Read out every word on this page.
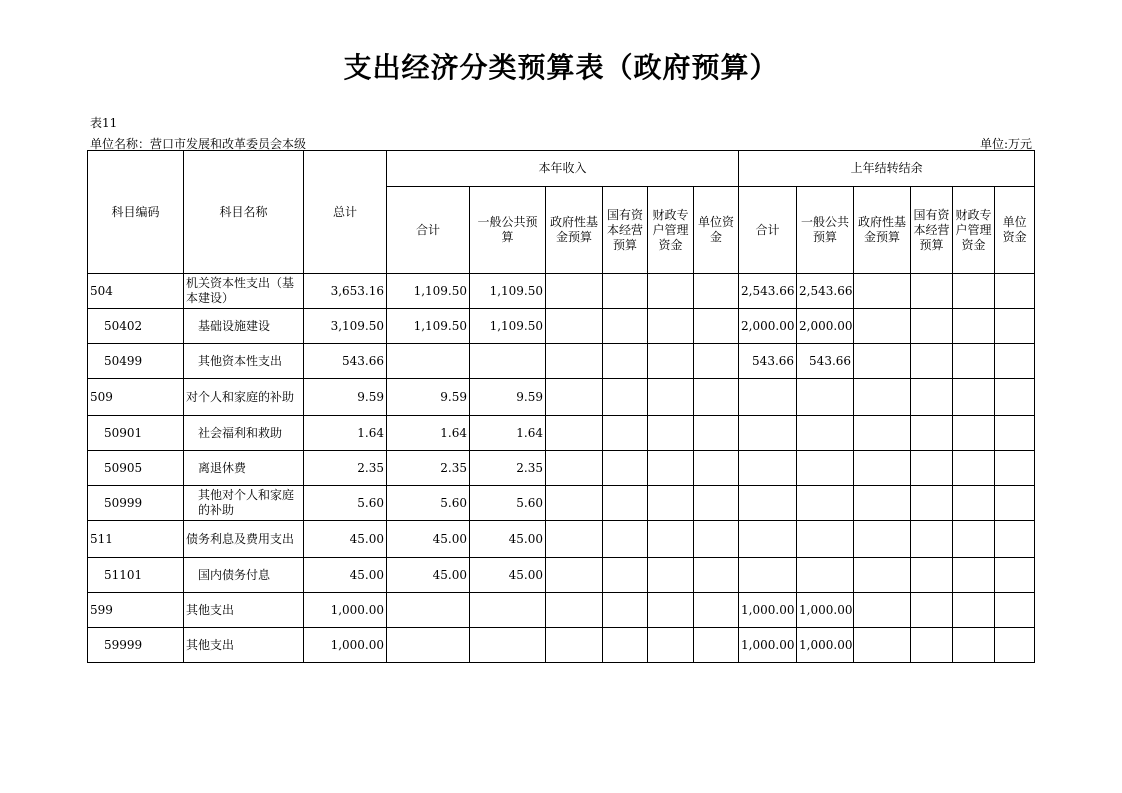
支出经济分类预算表（政府预算）
表11
单位名称：营口市发展和改革委员会本级	单位:万元
科目编码	科目名称	总计	本年收入						上年结转结余					
			合计	一般公共预算	政府性基金预算	国有资本经营预算	财政专户管理资金	单位资金	合计	一般公共预算	政府性基金预算	国有资本经营预算	财政专户管理资金	单位资金
504	机关资本性支出（基本建设）	3,653.16	1,109.50	1,109.50					2,543.66	2,543.66				
50402	基础设施建设	3,109.50	1,109.50	1,109.50					2,000.00	2,000.00				
50499	其他资本性支出	543.66							543.66	543.66				
509	对个人和家庭的补助	9.59	9.59	9.59										
50901	社会福利和救助	1.64	1.64	1.64										
50905	离退休费	2.35	2.35	2.35										
50999	其他对个人和家庭的补助	5.60	5.60	5.60										
511	债务利息及费用支出	45.00	45.00	45.00										
51101	国内债务付息	45.00	45.00	45.00										
599	其他支出	1,000.00							1,000.00	1,000.00				
59999	其他支出	1,000.00							1,000.00	1,000.00				
